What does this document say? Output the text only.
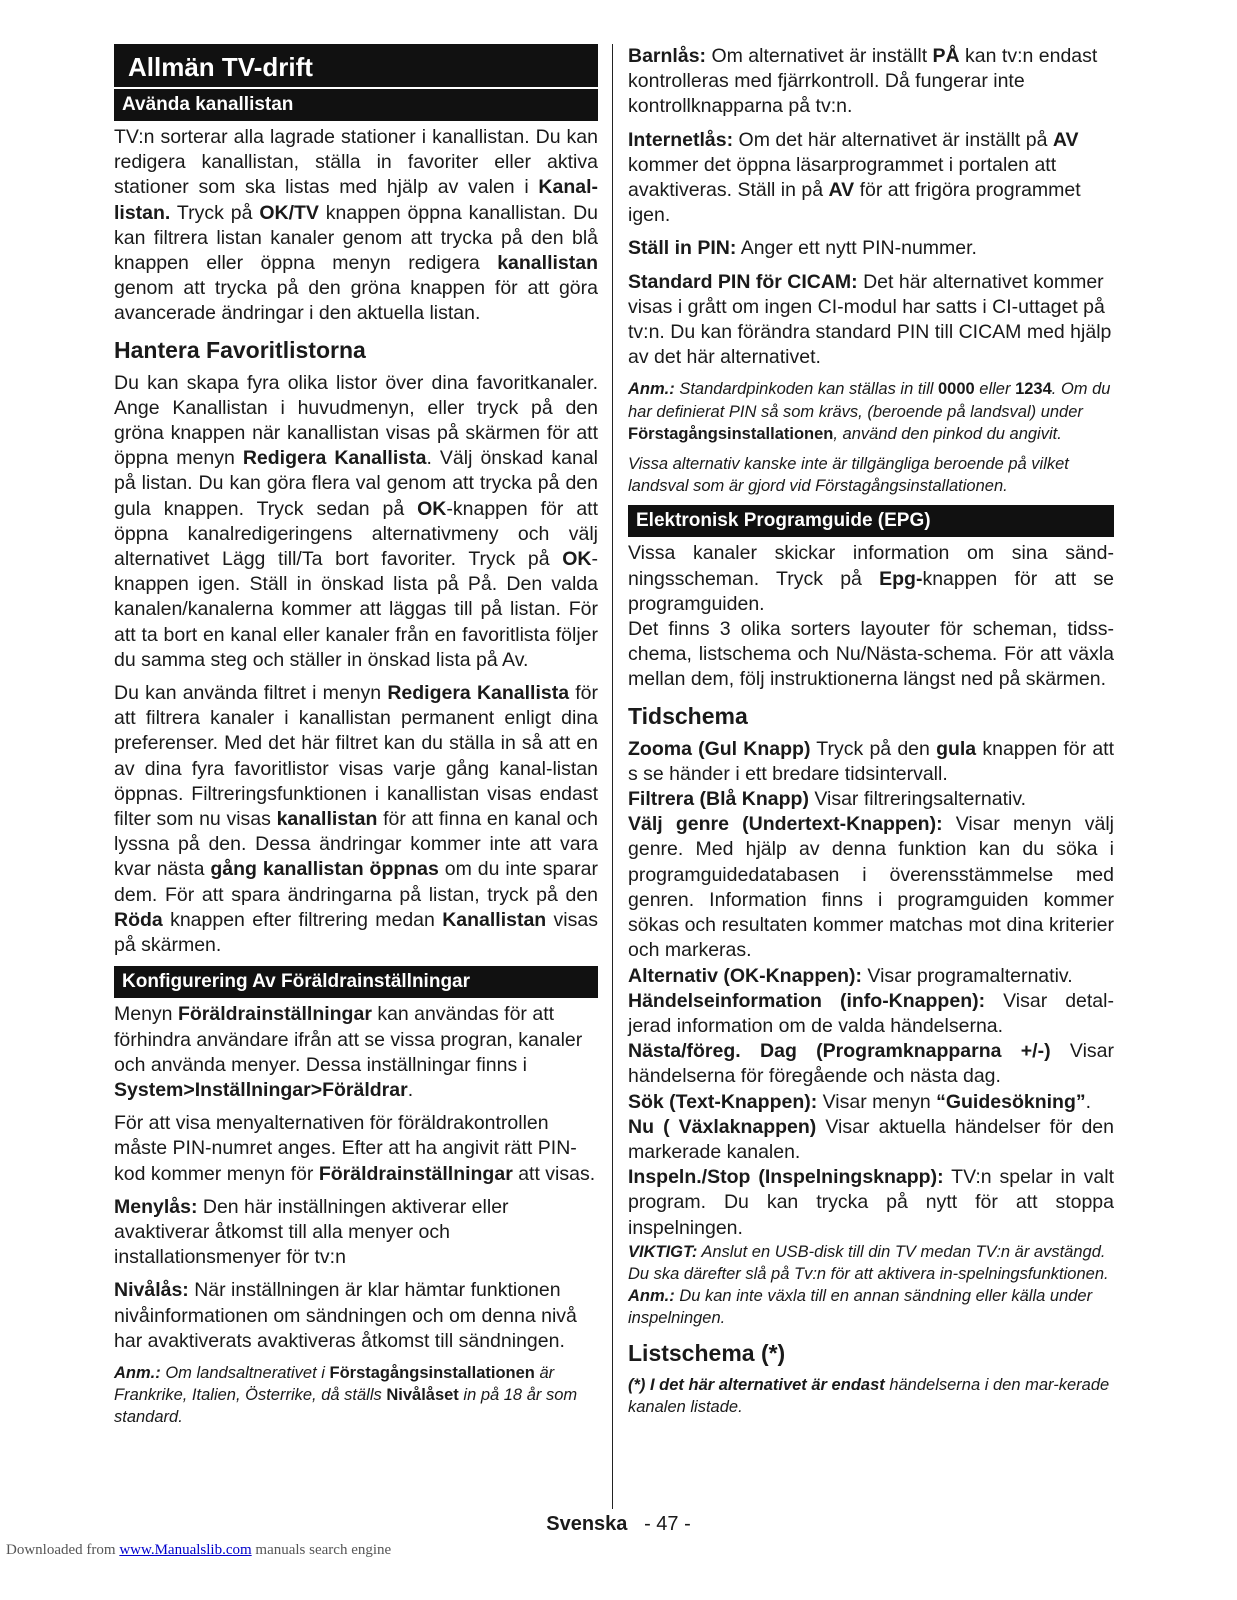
Allmän TV-drift
Avända kanallistan

TV:n sorterar alla lagrade stationer i kanallistan. Du kan redigera kanallistan, ställa in favoriter eller aktiva stationer som ska listas med hjälp av valen i Kanal-listan. Tryck på OK/TV knappen öppna kanallistan. Du kan filtrera listan kanaler genom att trycka på den blå knappen eller öppna menyn redigera kanallistan genom att trycka på den gröna knappen för att göra avancerade ändringar i den aktuella listan.

Hantera Favoritlistorna

Du kan skapa fyra olika listor över dina favoritkanaler. Ange Kanallistan i huvudmenyn, eller tryck på den gröna knappen när kanallistan visas på skärmen för att öppna menyn Redigera Kanallista. Välj önskad kanal på listan. Du kan göra flera val genom att trycka på den gula knappen. Tryck sedan på OK-knappen för att öppna kanalredigeringens alternativmeny och välj alternativet Lägg till/Ta bort favoriter. Tryck på OK-knappen igen. Ställ in önskad lista på På. Den valda kanalen/kanalerna kommer att läggas till på listan. För att ta bort en kanal eller kanaler från en favoritlista följer du samma steg och ställer in önskad lista på Av.

Du kan använda filtret i menyn Redigera Kanallista för att filtrera kanaler i kanallistan permanent enligt dina preferenser. Med det här filtret kan du ställa in så att en av dina fyra favoritlistor visas varje gång kanal-listan öppnas. Filtreringsfunktionen i kanallistan visas endast filter som nu visas kanallistan för att finna en kanal och lyssna på den. Dessa ändringar kommer inte att vara kvar nästa gång kanallistan öppnas om du inte sparar dem. För att spara ändringarna på listan, tryck på den Röda knappen efter filtrering medan Kanallistan visas på skärmen.

Konfigurering Av Föräldrainställningar

Menyn Föräldrainställningar kan användas för att förhindra användare ifrån att se vissa progran, kanaler och använda menyer. Dessa inställningar finns i System>Inställningar>Föräldrar.

För att visa menyalternativen för föräldrakontrollen måste PIN-numret anges. Efter att ha angivit rätt PIN-kod kommer menyn för Föräldrainställningar att visas.

Menylås: Den här inställningen aktiverar eller avaktiverar åtkomst till alla menyer och installationsmenyer för tv:n

Nivålås: När inställningen är klar hämtar funktionen nivåinformationen om sändningen och om denna nivå har avaktiverats avaktiveras åtkomst till sändningen.

Anm.: Om landsaltnerativet i Förstagångsinstallationen är Frankrike, Italien, Österrike, då ställs Nivålåset in på 18 år som standard.

Barnlås: Om alternativet är inställt PÅ kan tv:n endast kontrolleras med fjärrkontroll. Då fungerar inte kontrollknapparna på tv:n.

Internetlås: Om det här alternativet är inställt på AV kommer det öppna läsarprogrammet i portalen att avaktiveras. Ställ in på AV för att frigöra programmet igen.

Ställ in PIN: Anger ett nytt PIN-nummer.

Standard PIN för CICAM: Det här alternativet kommer visas i grått om ingen CI-modul har satts i CI-uttaget på tv:n. Du kan förändra standard PIN till CICAM med hjälp av det här alternativet.

Anm.: Standardpinkoden kan ställas in till 0000 eller 1234. Om du har definierat PIN så som krävs, (beroende på landsval) under Förstagångsinstallationen, använd den pinkod du angivit.
Vissa alternativ kanske inte är tillgängliga beroende på vilket landsval som är gjord vid Förstagångsinstallationen.
Elektronisk Programguide (EPG)

Vissa kanaler skickar information om sina sänd-ningsscheman. Tryck på Epg-knappen för att se programguiden.

Det finns 3 olika sorters layouter för scheman, tidss-chema, listschema och Nu/Nästa-schema. För att växla mellan dem, följ instruktionerna längst ned på skärmen.

Tidschema

Zooma (Gul Knapp) Tryck på den gula knappen för att s se händer i ett bredare tidsintervall.

Filtrera (Blå Knapp) Visar filtreringsalternativ.

Välj genre (Undertext-Knappen): Visar menyn välj genre. Med hjälp av denna funktion kan du söka i programguidedatabasen i överensstämmelse med genren. Information finns i programguiden kommer sökas och resultaten kommer matchas mot dina kriterier och markeras.

Alternativ (OK-Knappen): Visar programalternativ.

Händelseinformation (info-Knappen): Visar detal-jerad information om de valda händelserna.

Nästa/föreg. Dag (Programknapparna +/-) Visar händelserna för föregående och nästa dag.

Sök (Text-Knappen): Visar menyn “Guidesökning”.

Nu ( Växlaknappen) Visar aktuella händelser för den markerade kanalen.

Inspeln./Stop (Inspelningsknapp): TV:n spelar in valt program. Du kan trycka på nytt för att stoppa inspelningen.

VIKTIGT: Anslut en USB-disk till din TV medan TV:n är avstängd. Du ska därefter slå på Tv:n för att aktivera in-spelningsfunktionen.
Anm.: Du kan inte växla till en annan sändning eller källa under inspelningen.
Listschema (*)
(*) I det här alternativet är endast händelserna i den mar-kerade kanalen listade.
Svenska - 47 -
Downloaded from www.Manualslib.com manuals search engine
